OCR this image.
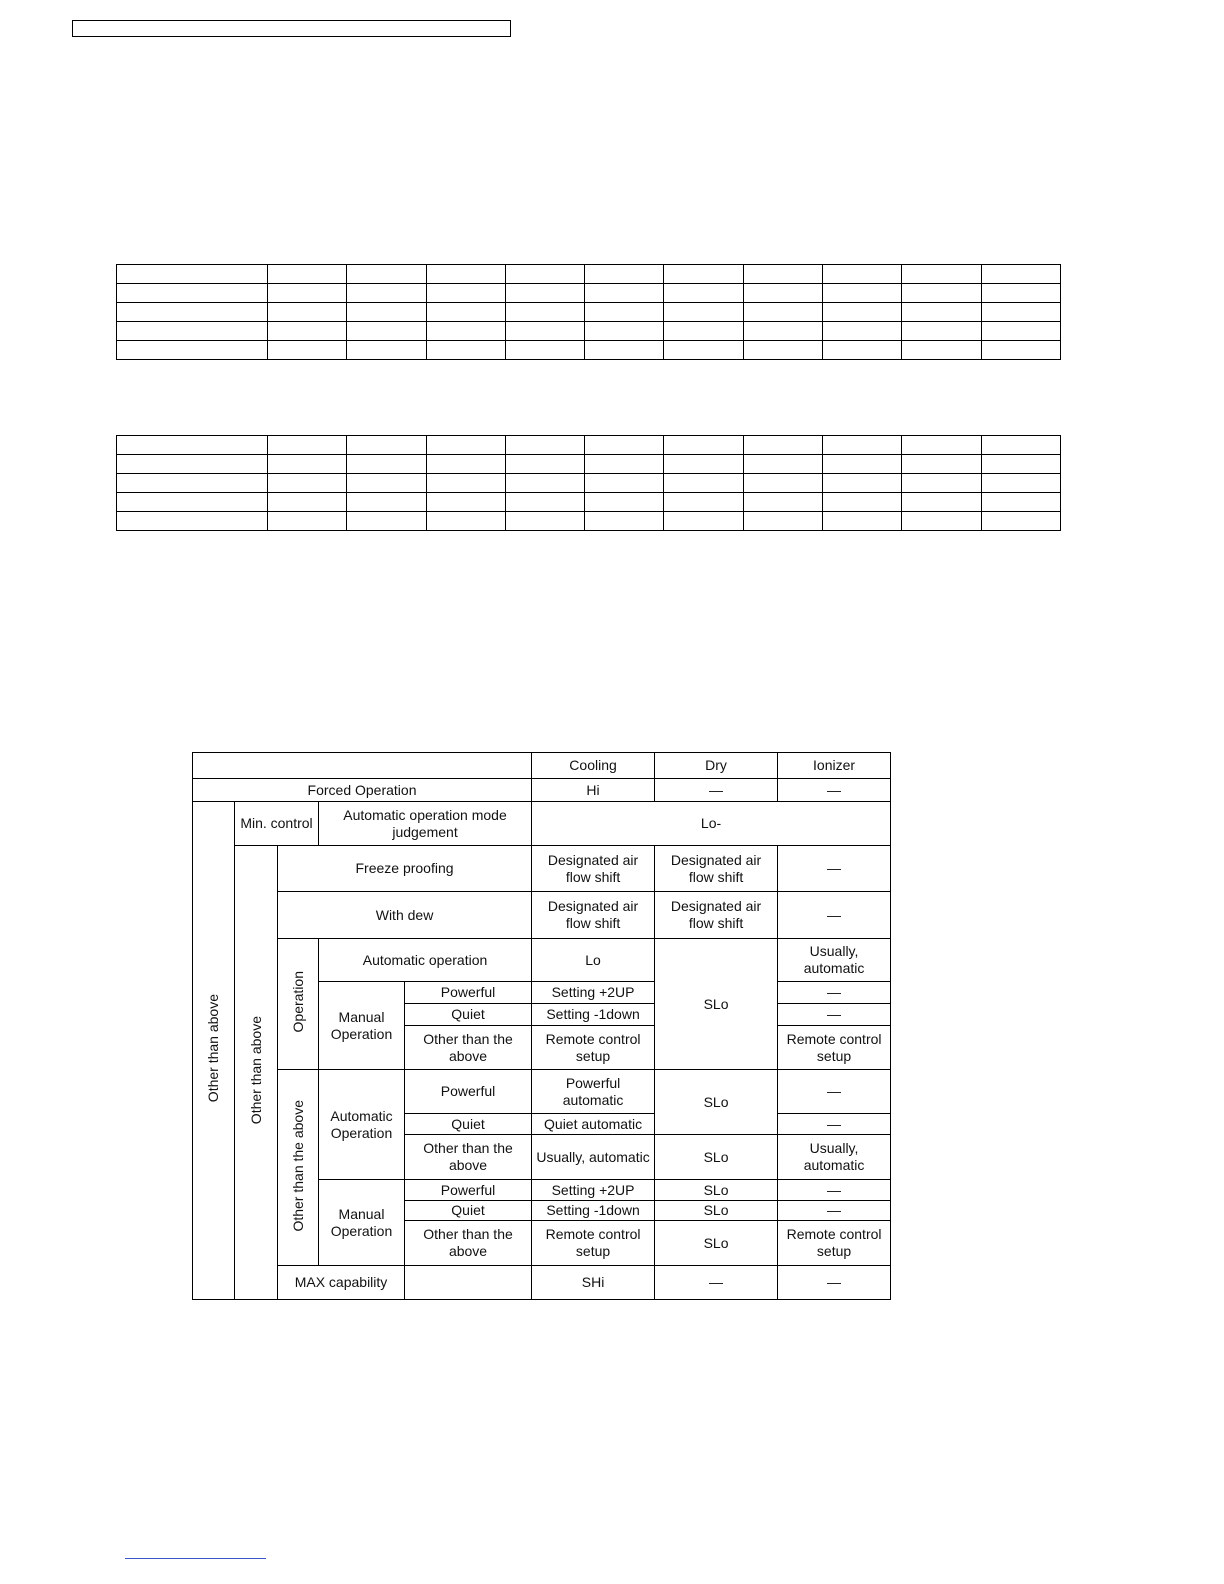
					Cooling	Dry	Ionizer
Forced Operation					Hi	—	—
Other than above	Min. control		Automatic operation mode judgement		Lo-		
	Other than above	Freeze proofing			Designated air flow shift	Designated air flow shift	—
		With dew			Designated air flow shift	Designated air flow shift	—
		Operation	Automatic operation		Lo	SLo	Usually, automatic
			Manual Operation	Powerful	Setting +2UP		—
				Quiet	Setting -1down		—
				Other than the above	Remote control setup		Remote control setup
		Other than the above	Automatic Operation	Powerful	Powerful automatic	SLo	—
				Quiet	Quiet automatic		—
				Other than the above	Usually, automatic	SLo	Usually, automatic
			Manual Operation	Powerful	Setting +2UP	SLo	—
				Quiet	Setting -1down	SLo	—
				Other than the above	Remote control setup	SLo	Remote control setup
		MAX capability			SHi	—	—
